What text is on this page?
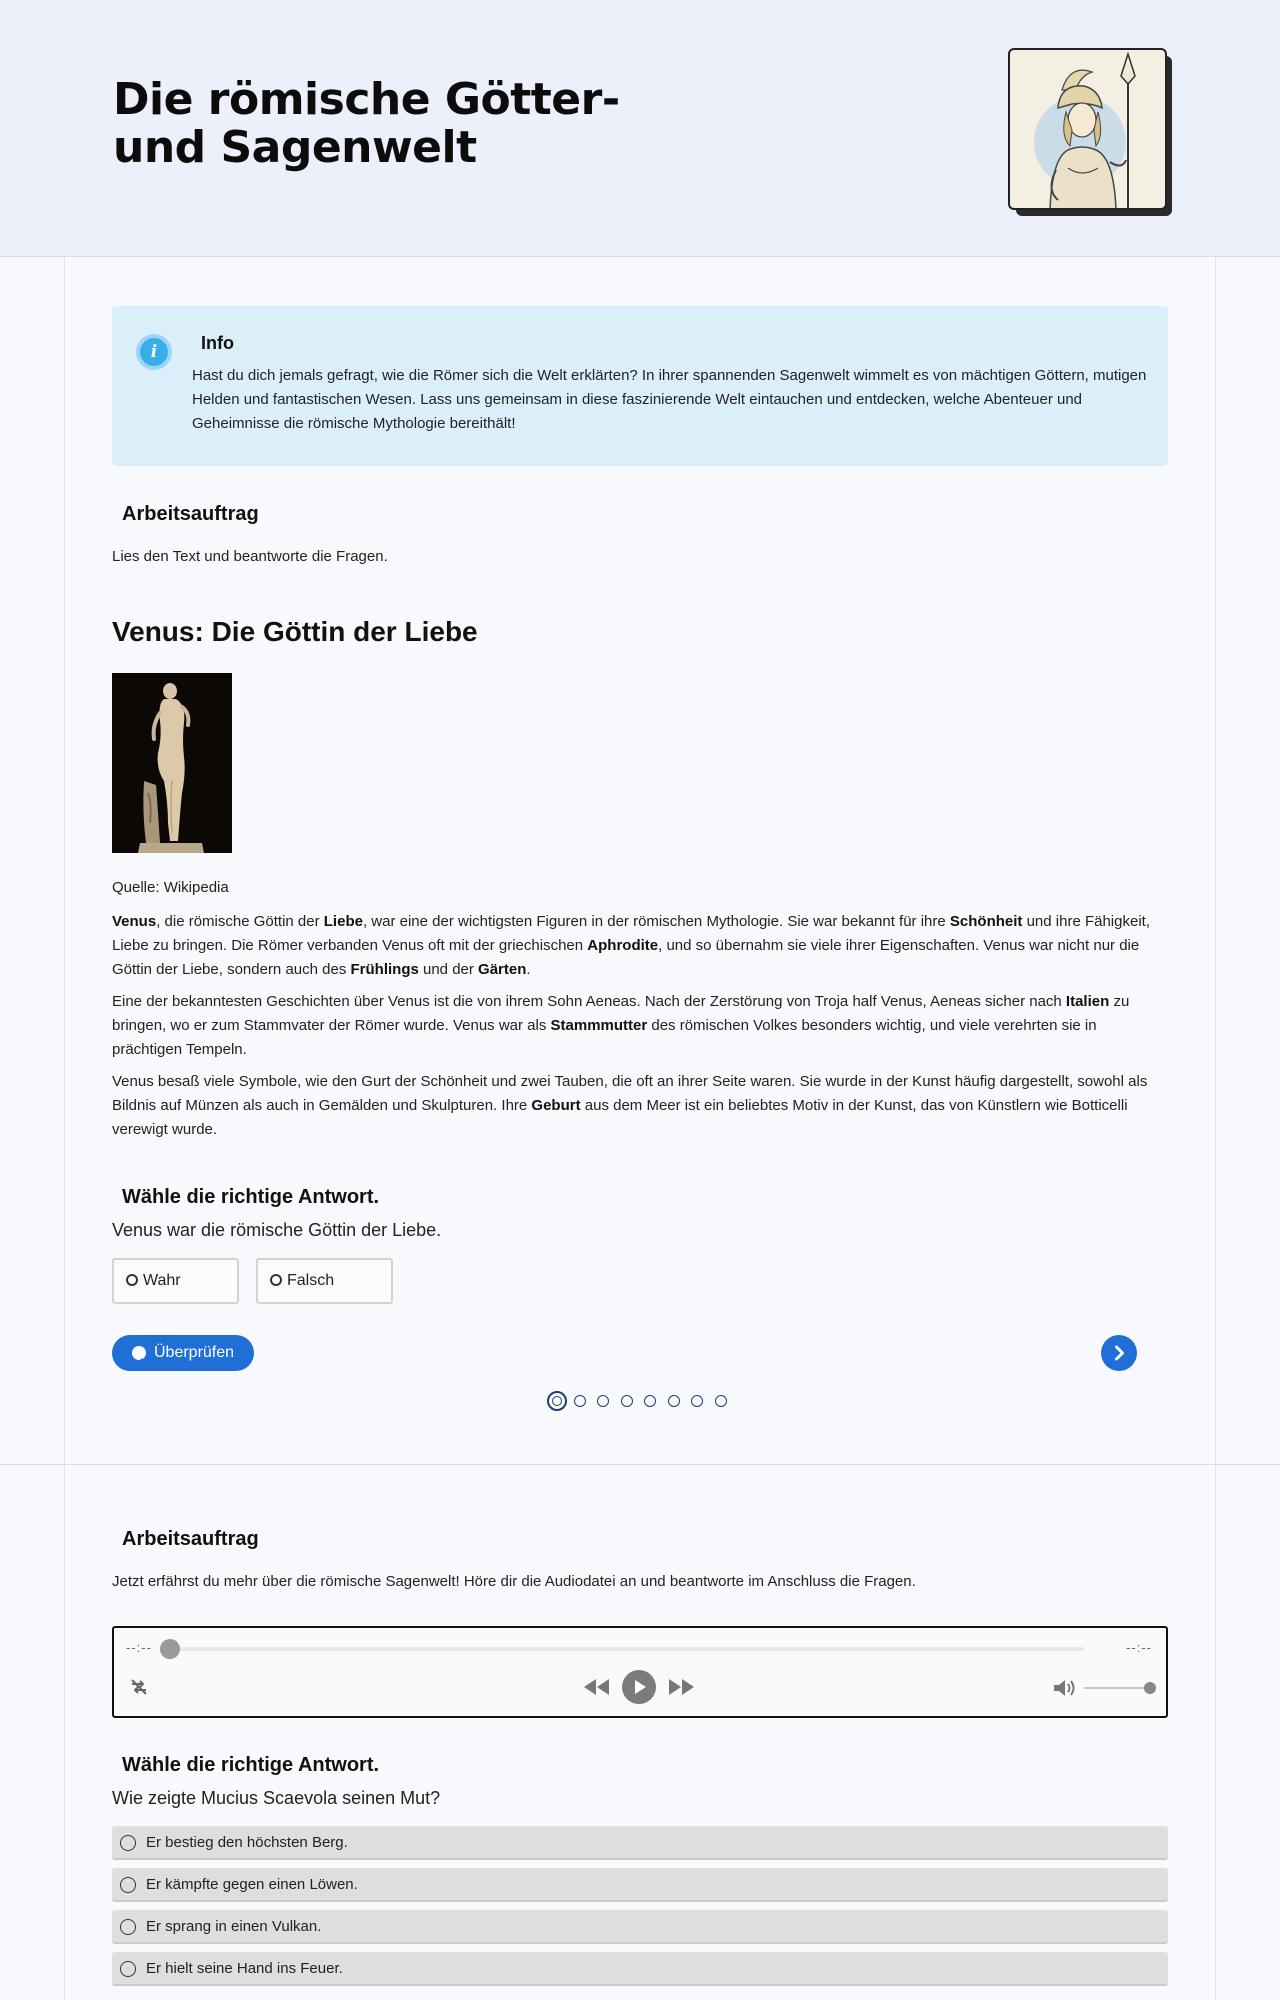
Die römische Götter- und Sagenwelt
i	Info

Hast du dich jemals gefragt, wie die Römer sich die Welt erklärten? In ihrer spannenden Sagenwelt wimmelt es von mächtigen Göttern, mutigen Helden und fantastischen Wesen. Lass uns gemeinsam in diese faszinierende Welt eintauchen und entdecken, welche Abenteuer und Geheimnisse die römische Mythologie bereithält!

Arbeitsauftrag

Lies den Text und beantworte die Fragen.

Venus: Die Göttin der Liebe

Quelle: Wikipedia

Venus, die römische Göttin der Liebe, war eine der wichtigsten Figuren in der römischen Mythologie. Sie war bekannt für ihre Schönheit und ihre Fähigkeit, Liebe zu bringen. Die Römer verbanden Venus oft mit der griechischen Aphrodite, und so übernahm sie viele ihrer Eigenschaften. Venus war nicht nur die Göttin der Liebe, sondern auch des Frühlings und der Gärten.

Eine der bekanntesten Geschichten über Venus ist die von ihrem Sohn Aeneas. Nach der Zerstörung von Troja half Venus, Aeneas sicher nach Italien zu bringen, wo er zum Stammvater der Römer wurde. Venus war als Stammmutter des römischen Volkes besonders wichtig, und viele verehrten sie in prächtigen Tempeln.

Venus besaß viele Symbole, wie den Gurt der Schönheit und zwei Tauben, die oft an ihrer Seite waren. Sie wurde in der Kunst häufig dargestellt, sowohl als Bildnis auf Münzen als auch in Gemälden und Skulpturen. Ihre Geburt aus dem Meer ist ein beliebtes Motiv in der Kunst, das von Künstlern wie Botticelli verewigt wurde.

Wähle die richtige Antwort.

Venus war die römische Göttin der Liebe.

Wahr	Falsch
Überprüfen
Arbeitsauftrag

Jetzt erfährst du mehr über die römische Sagenwelt! Höre dir die Audiodatei an und beantworte im Anschluss die Fragen.

--:--	--:--
Wähle die richtige Antwort.

Wie zeigte Mucius Scaevola seinen Mut?

Er bestieg den höchsten Berg.
Er kämpfte gegen einen Löwen.
Er sprang in einen Vulkan.
Er hielt seine Hand ins Feuer.
